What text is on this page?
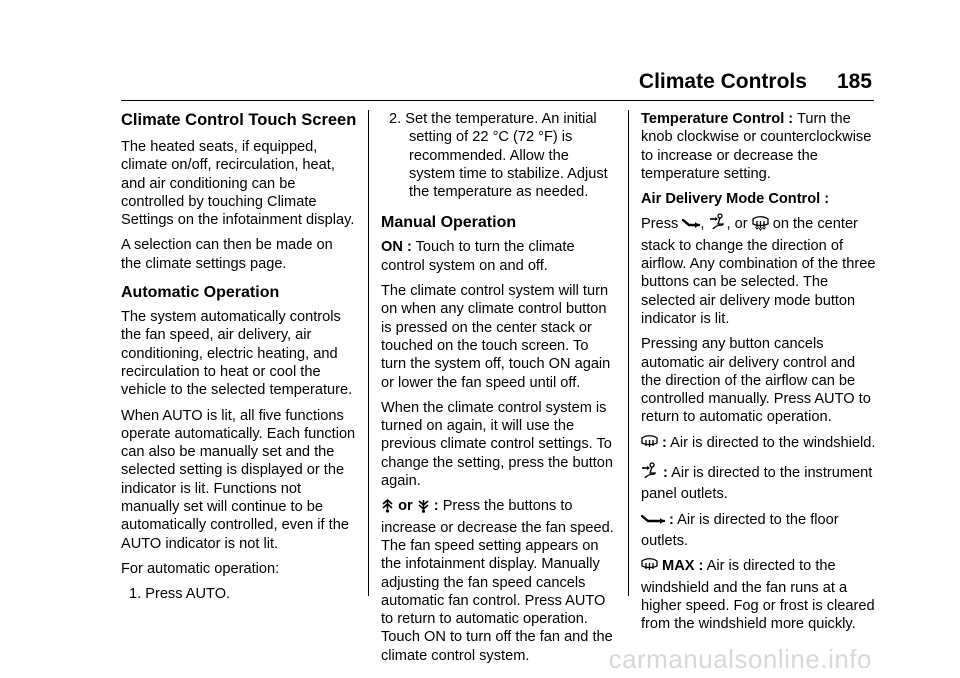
Climate Controls 185
Climate Control Touch Screen

The heated seats, if equipped, climate on/off, recirculation, heat, and air conditioning can be controlled by touching Climate Settings on the infotainment display.

A selection can then be made on the climate settings page.

Automatic Operation

The system automatically controls the fan speed, air delivery, air conditioning, electric heating, and recirculation to heat or cool the vehicle to the selected temperature.

When AUTO is lit, all five functions operate automatically. Each function can also be manually set and the selected setting is displayed or the indicator is lit. Functions not manually set will continue to be automatically controlled, even if the AUTO indicator is not lit.

For automatic operation:

1. Press AUTO.

2. Set the temperature. An initial setting of 22 °C (72 °F) is recommended. Allow the system time to stabilize. Adjust the temperature as needed.

Manual Operation

ON : Touch to turn the climate control system on and off.

The climate control system will turn on when any climate control button is pressed on the center stack or touched on the touch screen. To turn the system off, touch ON again or lower the fan speed until off.

When the climate control system is turned on again, it will use the previous climate control settings. To change the setting, press the button again.

or  : Press the buttons to increase or decrease the fan speed. The fan speed setting appears on the infotainment display. Manually adjusting the fan speed cancels automatic fan control. Press AUTO to return to automatic operation. Touch ON to turn off the fan and the climate control system.

Temperature Control : Turn the knob clockwise or counterclockwise to increase or decrease the temperature setting.

Air Delivery Mode Control :

Press , , or on the center stack to change the direction of airflow. Any combination of the three buttons can be selected. The selected air delivery mode button indicator is lit.

Pressing any button cancels automatic air delivery control and the direction of the airflow can be controlled manually. Press AUTO to return to automatic operation.

: Air is directed to the windshield.

: Air is directed to the instrument panel outlets.

: Air is directed to the floor outlets.

MAX : Air is directed to the windshield and the fan runs at a higher speed. Fog or frost is cleared from the windshield more quickly.

carmanualsonline.info
